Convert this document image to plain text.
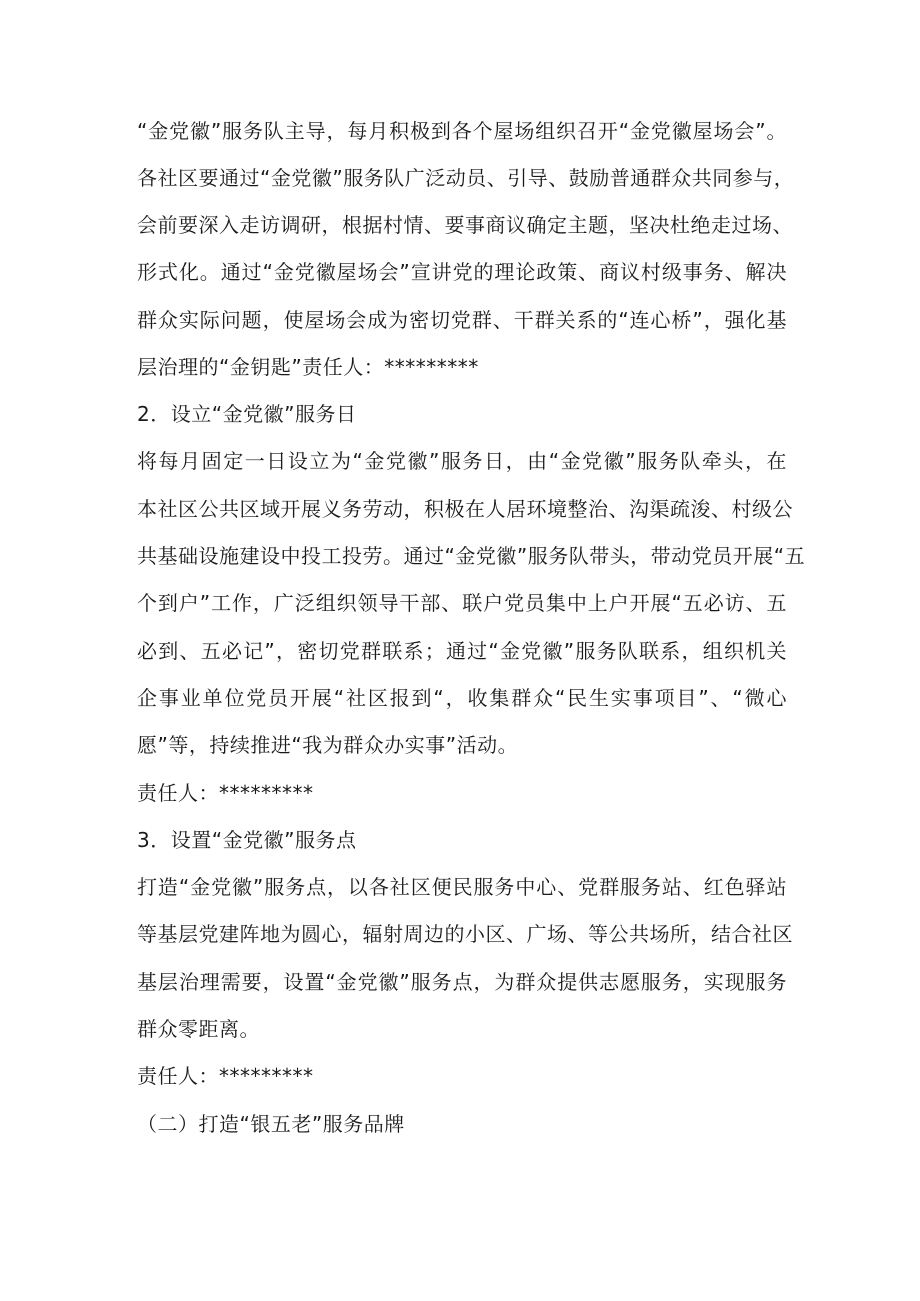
“金党徽”服务队主导，每月积极到各个屋场组织召开“金党徽屋场会”。
各社区要通过“金党徽”服务队广泛动员、引导、鼓励普通群众共同参与，
会前要深入走访调研，根据村情、要事商议确定主题，坚决杜绝走过场、
形式化。通过“金党徽屋场会”宣讲党的理论政策、商议村级事务、解决
群众实际问题，使屋场会成为密切党群、干群关系的“连心桥”，强化基
层治理的“金钥匙”责任人：*********
2．设立“金党徽”服务日
将每月固定一日设立为“金党徽”服务日，由“金党徽”服务队牵头，在
本社区公共区域开展义务劳动，积极在人居环境整治、沟渠疏浚、村级公
共基础设施建设中投工投劳。通过“金党徽”服务队带头，带动党员开展“五
个到户”工作，广泛组织领导干部、联户党员集中上户开展“五必访、五
必到、五必记”，密切党群联系；通过“金党徽”服务队联系，组织机关
企事业单位党员开展“社区报到“，收集群众“民生实事项目”、“微心
愿”等，持续推进“我为群众办实事”活动。
责任人：*********
3．设置“金党徽”服务点
打造“金党徽”服务点，以各社区便民服务中心、党群服务站、红色驿站
等基层党建阵地为圆心，辐射周边的小区、广场、等公共场所，结合社区
基层治理需要，设置“金党徽”服务点，为群众提供志愿服务，实现服务
群众零距离。
责任人：*********
（二）打造“银五老”服务品牌
